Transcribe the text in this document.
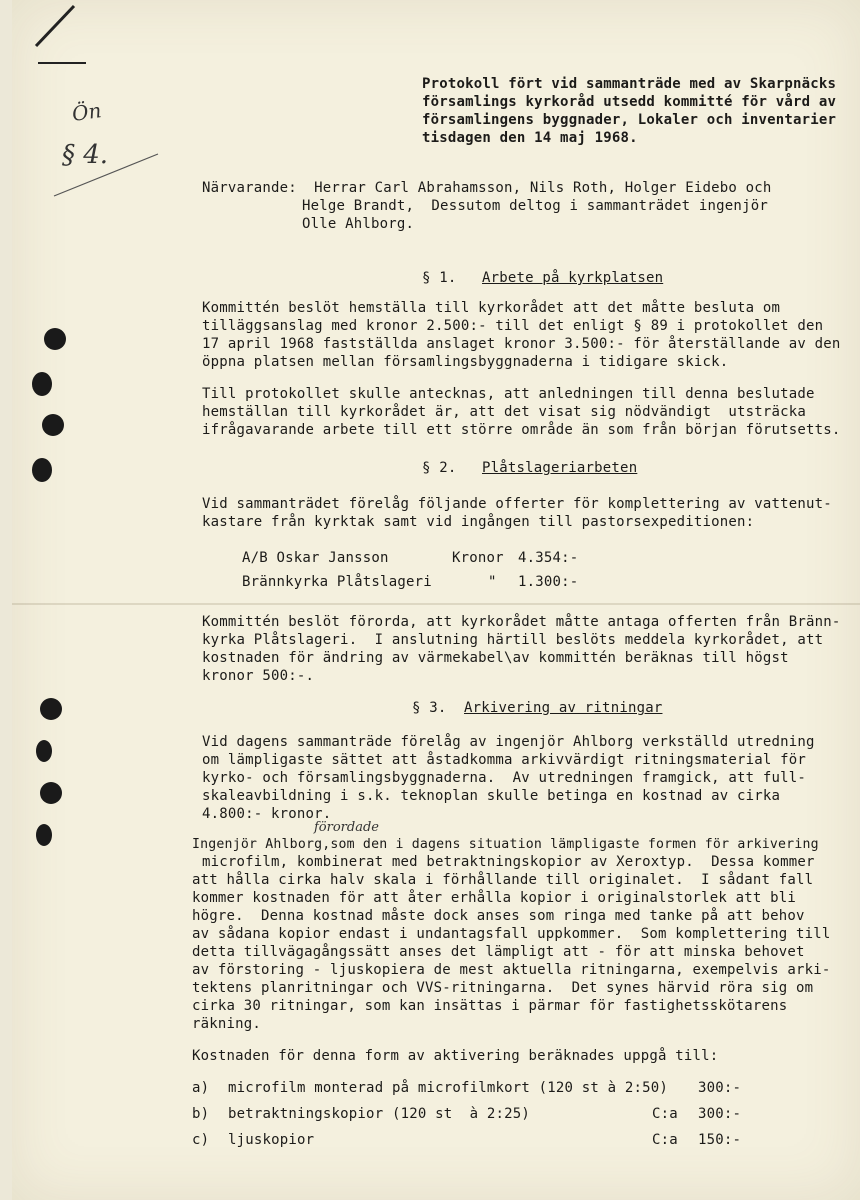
Ön
§ 4.
Protokoll fört vid sammanträde med av Skarpnäcks
församlings kyrkoråd utsedd kommitté för vård av
församlingens byggnader, Lokaler och inventarier
tisdagen den 14 maj 1968.
Närvarande:  Herrar Carl Abrahamsson, Nils Roth, Holger Eidebo och
Helge Brandt,  Dessutom deltog i sammanträdet ingenjör
Olle Ahlborg.
§ 1. Arbete på kyrkplatsen
Kommittén beslöt hemställa till kyrkorådet att det måtte besluta om
tilläggsanslag med kronor 2.500:- till det enligt § 89 i protokollet den
17 april 1968 fastställda anslaget kronor 3.500:- för återställande av den
öppna platsen mellan församlingsbyggnaderna i tidigare skick.
Till protokollet skulle antecknas, att anledningen till denna beslutade
hemställan till kyrkorådet är, att det visat sig nödvändigt  utsträcka
ifrågavarande arbete till ett större område än som från början förutsetts.
§ 2. Plåtslageriarbeten
Vid sammanträdet förelåg följande offerter för komplettering av vattenut-
kastare från kyrktak samt vid ingången till pastorsexpeditionen:
A/B Oskar Jansson	Kronor 4.354:-
Brännkyrka Plåtslageri	" 1.300:-
Kommittén beslöt förorda, att kyrkorådet måtte antaga offerten från Bränn-
kyrka Plåtslageri.  I anslutning härtill beslöts meddela kyrkorådet, att
kostnaden för ändring av värmekabel\av kommittén beräknas till högst
kronor 500:-.
§ 3. Arkivering av ritningar
Vid dagens sammanträde förelåg av ingenjör Ahlborg verkställd utredning
om lämpligaste sättet att åstadkomma arkivvärdigt ritningsmaterial för
kyrko- och församlingsbyggnaderna.  Av utredningen framgick, att full-
skaleavbildning i s.k. teknoplan skulle betinga en kostnad av cirka
4.800:- kronor.
förordade
Ingenjör Ahlborg,som den i dagens situation lämpligaste formen för arkivering
microfilm, kombinerat med betraktningskopior av Xeroxtyp.  Dessa kommer
att hålla cirka halv skala i förhållande till originalet.  I sådant fall
kommer kostnaden för att åter erhålla kopior i originalstorlek att bli
högre.  Denna kostnad måste dock anses som ringa med tanke på att behov
av sådana kopior endast i undantagsfall uppkommer.  Som komplettering till
detta tillvägagångssätt anses det lämpligt att - för att minska behovet
av förstoring - ljuskopiera de mest aktuella ritningarna, exempelvis arki-
tektens planritningar och VVS-ritningarna.  Det synes härvid röra sig om
cirka 30 ritningar, som kan insättas i pärmar för fastighetsskötarens
räkning.
Kostnaden för denna form av aktivering beräknades uppgå till:
a) microfilm monterad på microfilmkort (120 st à 2:50) 300:-
b) betraktningskopior (120 st  à 2:25)	C:a 300:-
c) ljuskopior	C:a 150:-
